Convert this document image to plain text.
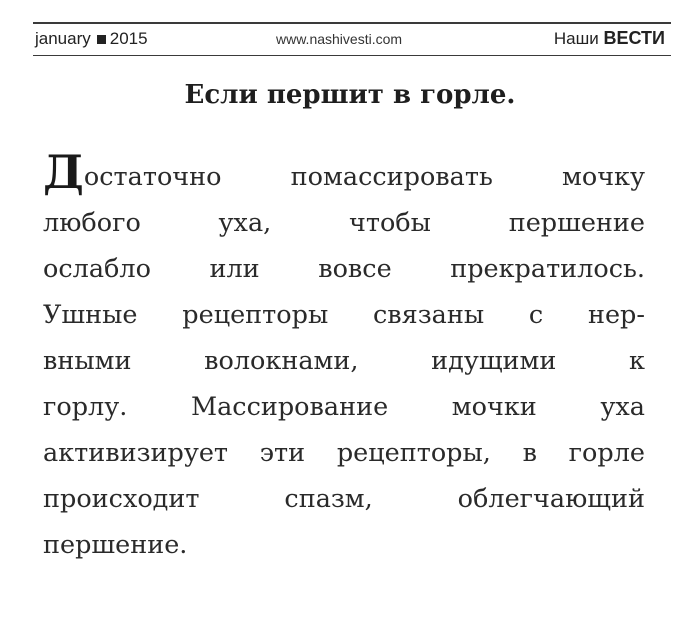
january 2015	www.nashivesti.com	Наши ВЕСТИ
Если першит в горле.
Достаточно помассировать мочку
любого уха, чтобы першение
ослабло или вовсе прекратилось.
Ушные рецепторы связаны с нер-
вными волокнами, идущими к
горлу. Массирование мочки уха
активизирует эти рецепторы, в горле
происходит спазм, облегчающий
першение.
